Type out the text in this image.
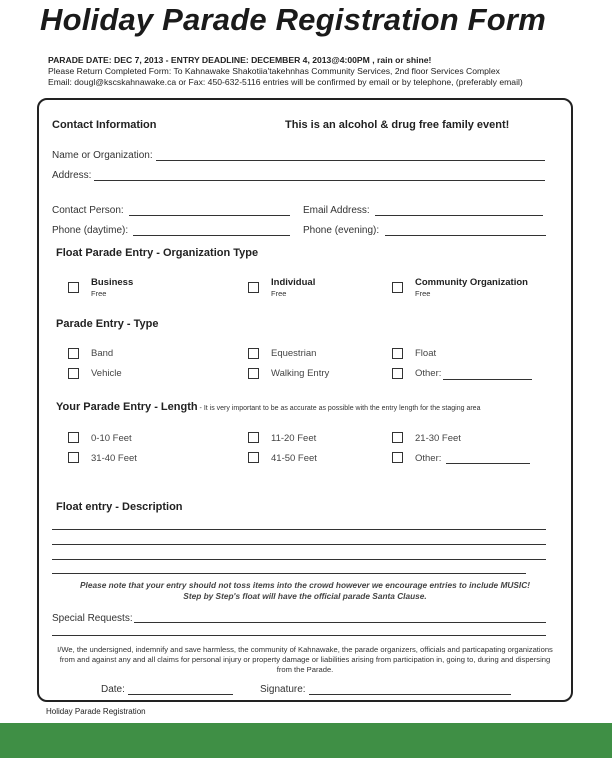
Holiday Parade Registration Form
PARADE DATE: DEC 7, 2013 - ENTRY DEADLINE: DECEMBER 4, 2013@4:00PM , rain or shine!
Please Return Completed Form: To Kahnawake Shakotiia'takehnhas Community Services, 2nd floor Services Complex
Email: dougl@kscskahnawake.ca or Fax: 450-632-5116 entries will be confirmed by email or by telephone, (preferably email)
Contact Information	This is an alcohol & drug free family event!
Name or Organization:
Address:
Contact Person:	Email Address:
Phone (daytime):	Phone (evening):
Float Parade Entry - Organization Type
Business
Free
Individual
Free
Community Organization
Free
Parade Entry - Type
Band	Equestrian	Float
Vehicle	Walking Entry	Other:
Your Parade Entry - Length - It is very important to be as accurate as possible with the entry length for the staging area
0-10 Feet	11-20 Feet	21-30 Feet
31-40 Feet	41-50 Feet	Other:
Float entry - Description
Please note that your entry should not toss items into the crowd however we encourage entries to include MUSIC!
Step by Step's float will have the official parade Santa Clause.
Special Requests:
I/We, the undersigned, indemnify and save harmless, the community of Kahnawake, the parade organizers, officials and particapating organizations from and against any and all claims for personal injury or property damage or liabilities arising from participation in, going to, during and dispersing from the Parade.
Date:	Signature:
Holiday Parade Registration
